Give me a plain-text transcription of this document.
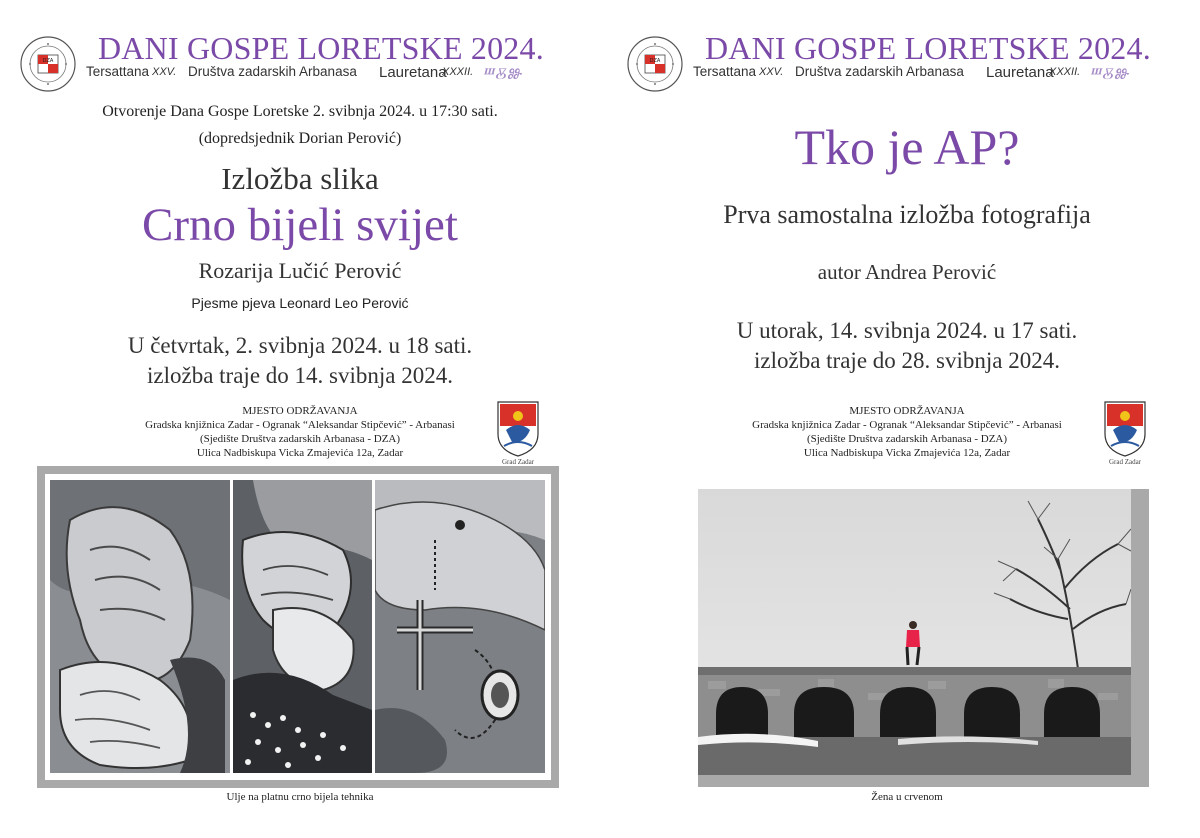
DZA DANI GOSPE LORETSKE 2024.
Tersattana XXV. Društva zadarskih Arbanasa Lauretana
XXXII. ⰞⰋⰖ
Otvorenje Dana Gospe Loretske 2. svibnja 2024. u 17:30 sati.
(dopredsjednik Dorian Perović)
Izložba slika
Crno bijeli svijet
Rozarija Lučić Perović
Pjesme pjeva Leonard Leo Perović
U četvrtak, 2. svibnja 2024. u 18 sati.
izložba traje do 14. svibnja 2024.
MJESTO ODRŽAVANJA
Gradska knjižnica Zadar - Ogranak “Aleksandar Stipčević” - Arbanasi
(Sjedište Društva zadarskih Arbanasa - DZA)
Ulica Nadbiskupa Vicka Zmajevića 12a, Zadar
Grad Zadar
Ulje na platnu crno bijela tehnika
DZA DANI GOSPE LORETSKE 2024.
Tersattana XXV. Društva zadarskih Arbanasa Lauretana
XXXII. ⰞⰋⰖ
Tko je AP?
Prva samostalna izložba fotografija
autor Andrea Perović
U utorak, 14. svibnja 2024. u 17 sati.
izložba traje do 28. svibnja 2024.
MJESTO ODRŽAVANJA
Gradska knjižnica Zadar - Ogranak “Aleksandar Stipčević” - Arbanasi
(Sjedište Društva zadarskih Arbanasa - DZA)
Ulica Nadbiskupa Vicka Zmajevića 12a, Zadar
Grad Zadar
Žena u crvenom
